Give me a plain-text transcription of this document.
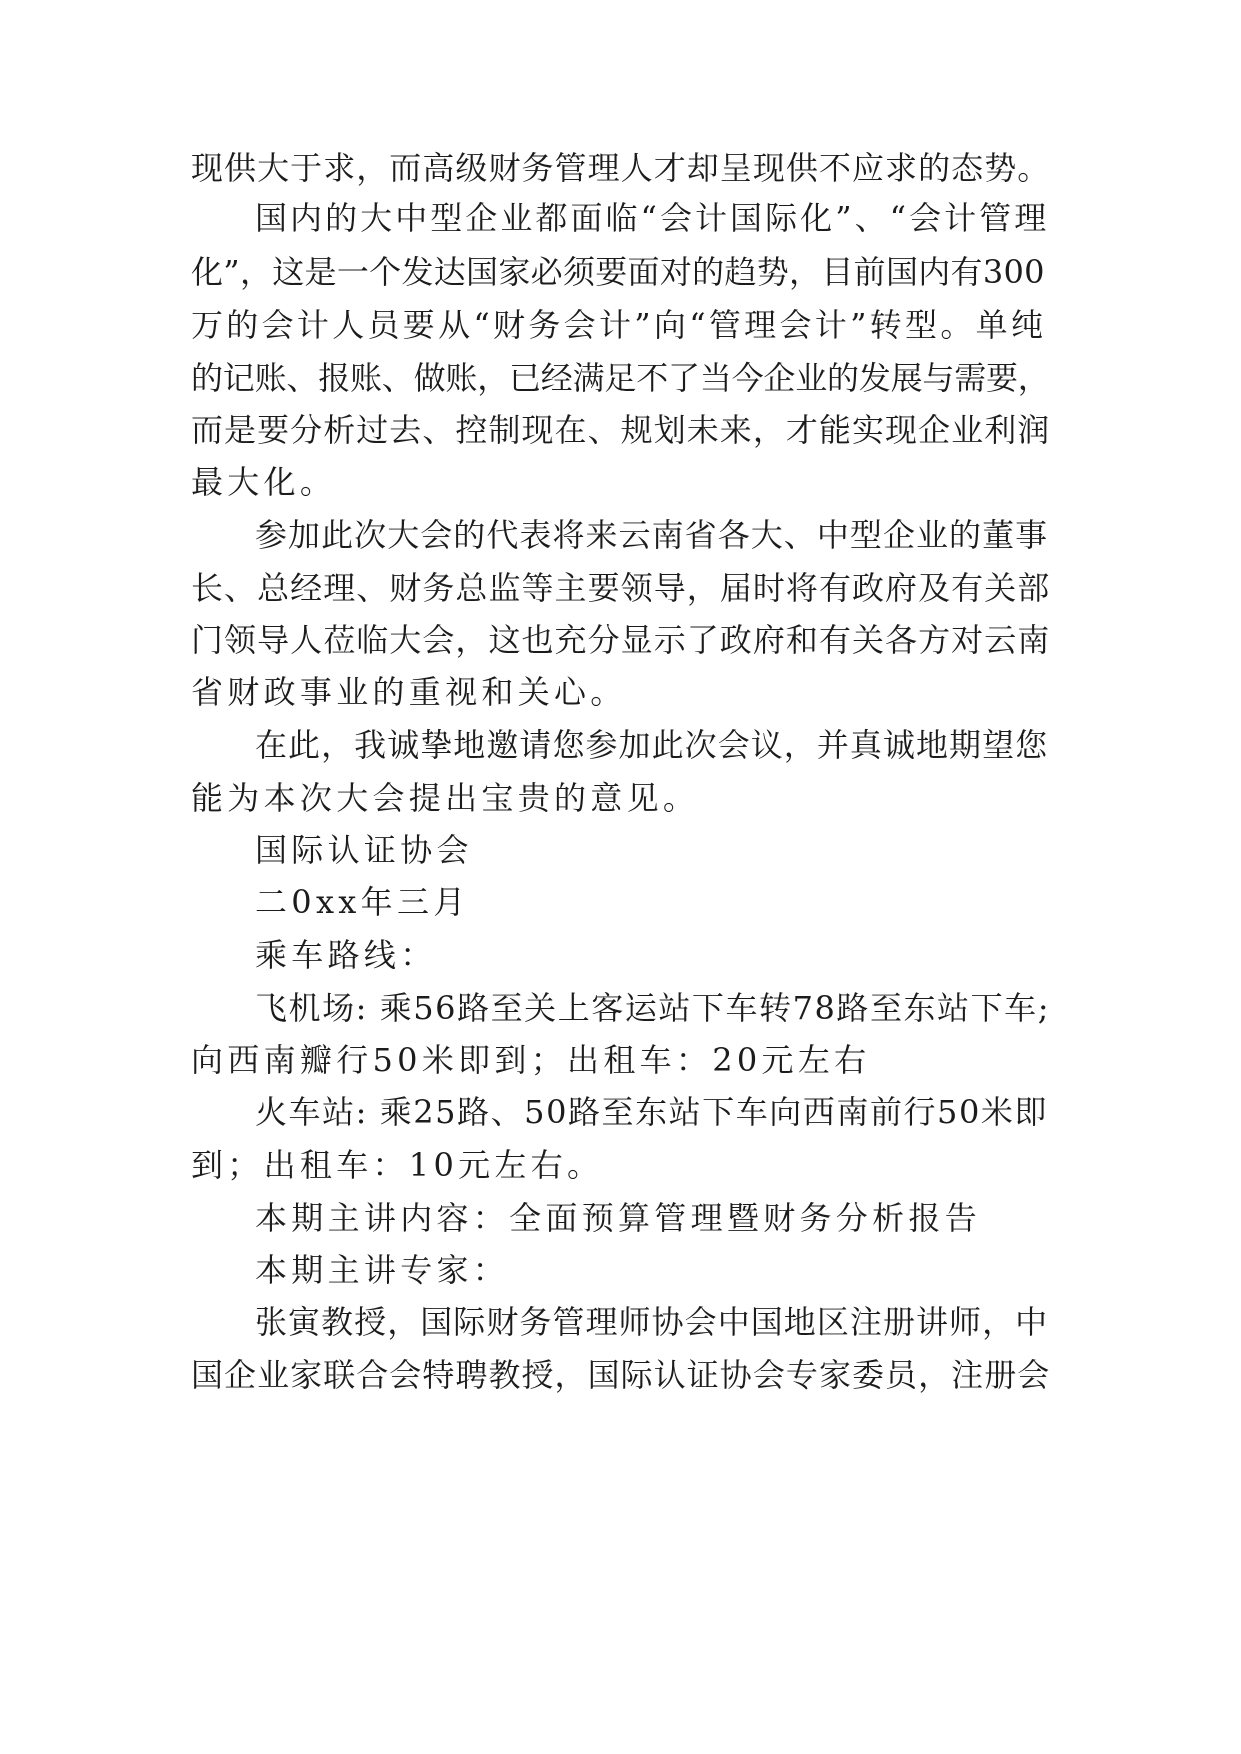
现供大于求，而高级财务管理人才却呈现供不应求的态势。
国内的大中型企业都面临“会计国际化”、“会计管理
化”，这是一个发达国家必须要面对的趋势，目前国内有300
万的会计人员要从“财务会计”向“管理会计”转型。单纯
的记账、报账、做账，已经满足不了当今企业的发展与需要，
而是要分析过去、控制现在、规划未来，才能实现企业利润
最大化。
参加此次大会的代表将来云南省各大、中型企业的董事
长、总经理、财务总监等主要领导，届时将有政府及有关部
门领导人莅临大会，这也充分显示了政府和有关各方对云南
省财政事业的重视和关心。
在此，我诚挚地邀请您参加此次会议，并真诚地期望您
能为本次大会提出宝贵的意见。
国际认证协会
二0xx年三月
乘车路线：
飞机场: 乘56路至关上客运站下车转78路至东站下车;
向西南瓣行50米即到；出租车：20元左右
火车站: 乘25路、50路至东站下车向西南前行50米即
到；出租车：10元左右。
本期主讲内容：全面预算管理暨财务分析报告
本期主讲专家：
张寅教授，国际财务管理师协会中国地区注册讲师，中
国企业家联合会特聘教授，国际认证协会专家委员，注册会
